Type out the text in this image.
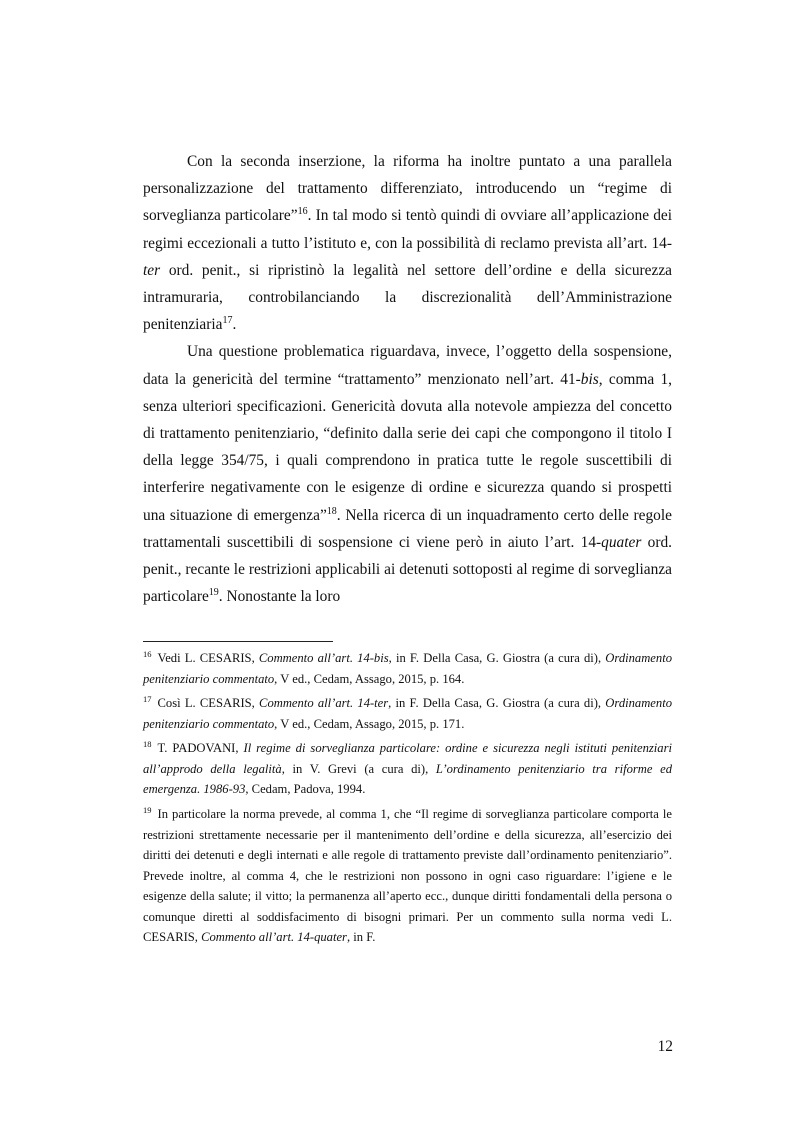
Con la seconda inserzione, la riforma ha inoltre puntato a una parallela personalizzazione del trattamento differenziato, introducendo un “regime di sorveglianza particolare”$^{16}$. In tal modo si tentò quindi di ovviare all’applicazione dei regimi eccezionali a tutto l’istituto e, con la possibilità di reclamo prevista all’art. 14-ter ord. penit., si ripristinò la legalità nel settore dell’ordine e della sicurezza intramuraria, controbilanciando la discrezionalità dell’Amministrazione penitenziaria$^{17}$.

Una questione problematica riguardava, invece, l’oggetto della sospensione, data la genericità del termine “trattamento” menzionato nell’art. 41-bis, comma 1, senza ulteriori specificazioni. Genericità dovuta alla notevole ampiezza del concetto di trattamento penitenziario, “definito dalla serie dei capi che compongono il titolo I della legge 354/75, i quali comprendono in pratica tutte le regole suscettibili di interferire negativamente con le esigenze di ordine e sicurezza quando si prospetti una situazione di emergenza”$^{18}$. Nella ricerca di un inquadramento certo delle regole trattamentali suscettibili di sospensione ci viene però in aiuto l’art. 14-quater ord. penit., recante le restrizioni applicabili ai detenuti sottoposti al regime di sorveglianza particolare$^{19}$. Nonostante la loro

$^{16}$ Vedi L. CESARIS, Commento all’art. 14-bis, in F. Della Casa, G. Giostra (a cura di), Ordinamento penitenziario commentato, V ed., Cedam, Assago, 2015, p. 164.

$^{17}$ Così L. CESARIS, Commento all’art. 14-ter, in F. Della Casa, G. Giostra (a cura di), Ordinamento penitenziario commentato, V ed., Cedam, Assago, 2015, p. 171.

$^{18}$ T. PADOVANI, Il regime di sorveglianza particolare: ordine e sicurezza negli istituti penitenziari all’approdo della legalità, in V. Grevi (a cura di), L’ordinamento penitenziario tra riforme ed emergenza. 1986-93, Cedam, Padova, 1994.

$^{19}$ In particolare la norma prevede, al comma 1, che “Il regime di sorveglianza particolare comporta le restrizioni strettamente necessarie per il mantenimento dell’ordine e della sicurezza, all’esercizio dei diritti dei detenuti e degli internati e alle regole di trattamento previste dall’ordinamento penitenziario”. Prevede inoltre, al comma 4, che le restrizioni non possono in ogni caso riguardare: l’igiene e le esigenze della salute; il vitto; la permanenza all’aperto ecc., dunque diritti fondamentali della persona o comunque diretti al soddisfacimento di bisogni primari. Per un commento sulla norma vedi L. CESARIS, Commento all’art. 14-quater, in F.

12
